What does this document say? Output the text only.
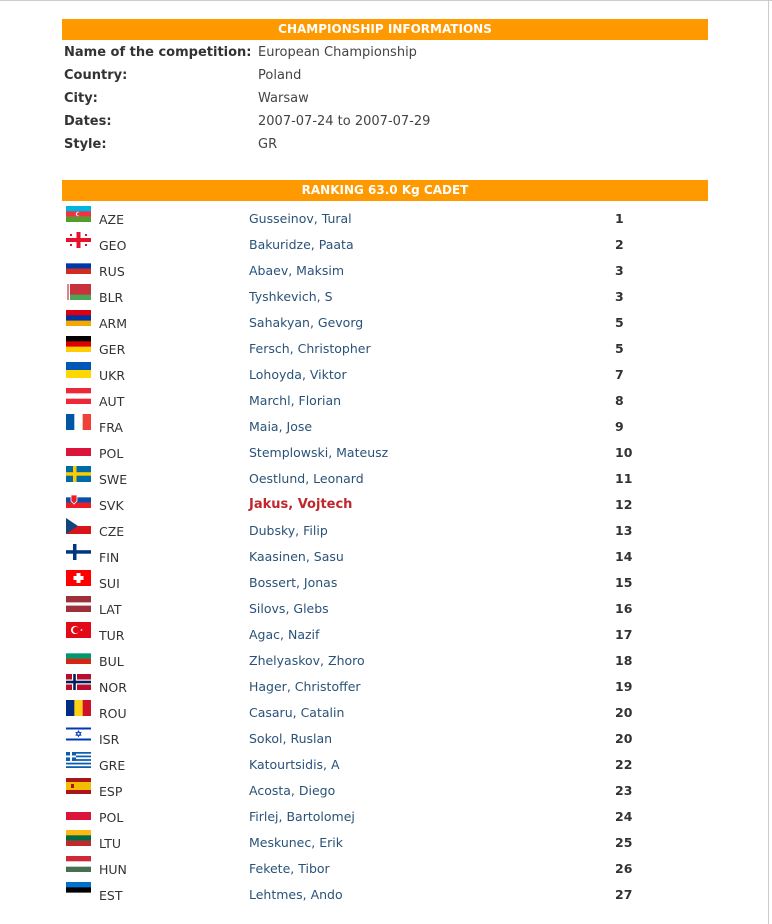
CHAMPIONSHIP INFORMATIONS
Name of the competition: European Championship
Country:	Poland
City:	Warsaw
Dates:	2007-07-24 to 2007-07-29
Style:	GR
RANKING 63.0 Kg CADET
AZE	Gusseinov, Tural	1
GEO	Bakuridze, Paata	2
RUS	Abaev, Maksim	3
BLR	Tyshkevich, S	3
ARM	Sahakyan, Gevorg	5
GER	Fersch, Christopher	5
UKR	Lohoyda, Viktor	7
AUT	Marchl, Florian	8
FRA	Maia, Jose	9
POL	Stemplowski, Mateusz	10
SWE	Oestlund, Leonard	11
SVK	Jakus, Vojtech	12
CZE	Dubsky, Filip	13
FIN	Kaasinen, Sasu	14
SUI	Bossert, Jonas	15
LAT	Silovs, Glebs	16
TUR	Agac, Nazif	17
BUL	Zhelyaskov, Zhoro	18
NOR	Hager, Christoffer	19
ROU	Casaru, Catalin	20
ISR	Sokol, Ruslan	20
GRE	Katourtsidis, A	22
ESP	Acosta, Diego	23
POL	Firlej, Bartolomej	24
LTU	Meskunec, Erik	25
HUN	Fekete, Tibor	26
EST	Lehtmes, Ando	27
